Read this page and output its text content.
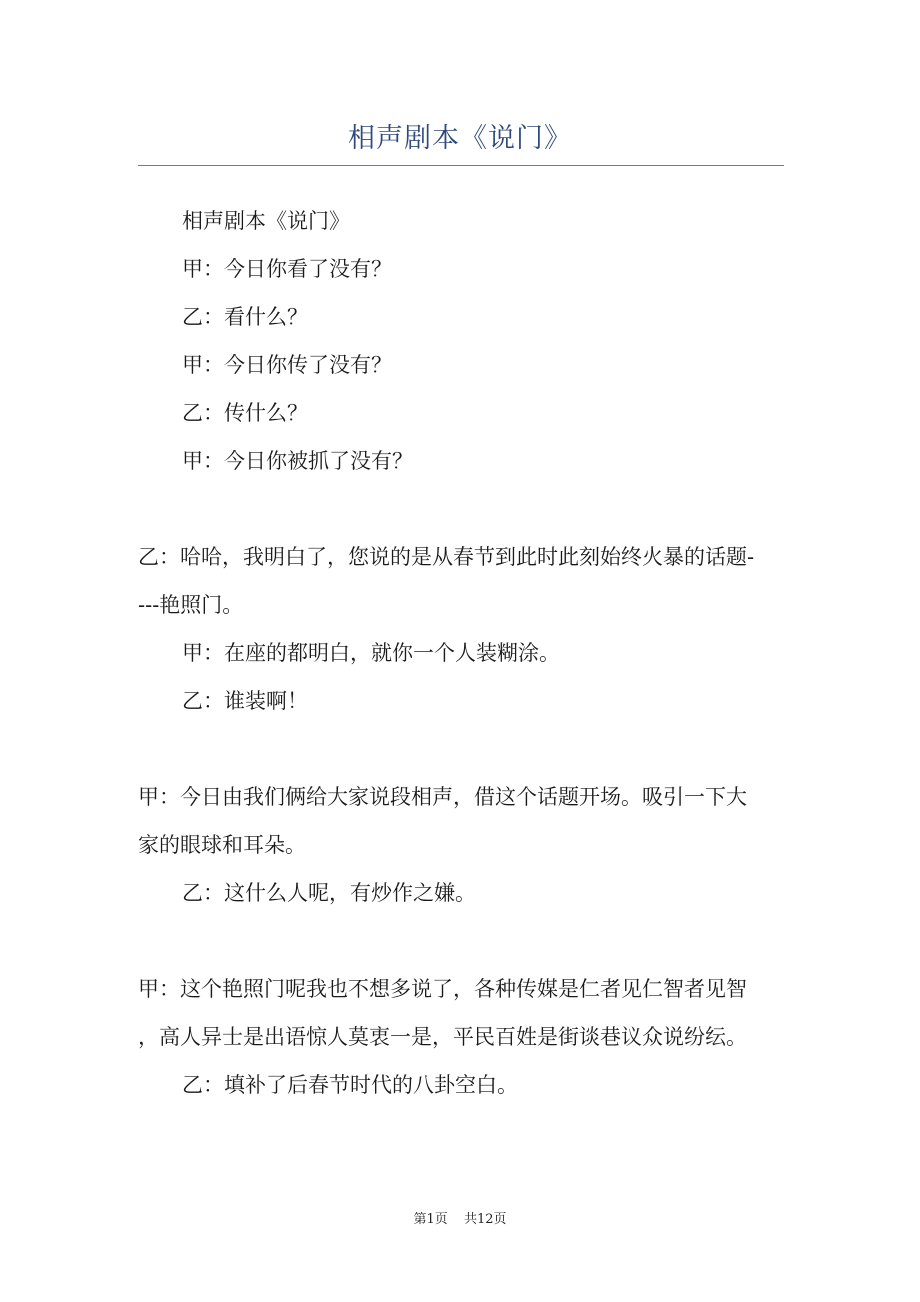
相声剧本《说门》

相声剧本《说门》

甲：今日你看了没有？

乙：看什么？

甲：今日你传了没有？

乙：传什么？

甲：今日你被抓了没有？

乙：哈哈，我明白了，您说的是从春节到此时此刻始终火暴的话题-

---艳照门。

甲：在座的都明白，就你一个人装糊涂。

乙：谁装啊！

甲：今日由我们俩给大家说段相声，借这个话题开场。吸引一下大

家的眼球和耳朵。

乙：这什么人呢，有炒作之嫌。

甲：这个艳照门呢我也不想多说了，各种传媒是仁者见仁智者见智

，高人异士是出语惊人莫衷一是，平民百姓是街谈巷议众说纷纭。

乙：填补了后春节时代的八卦空白。

第1页 共12页
